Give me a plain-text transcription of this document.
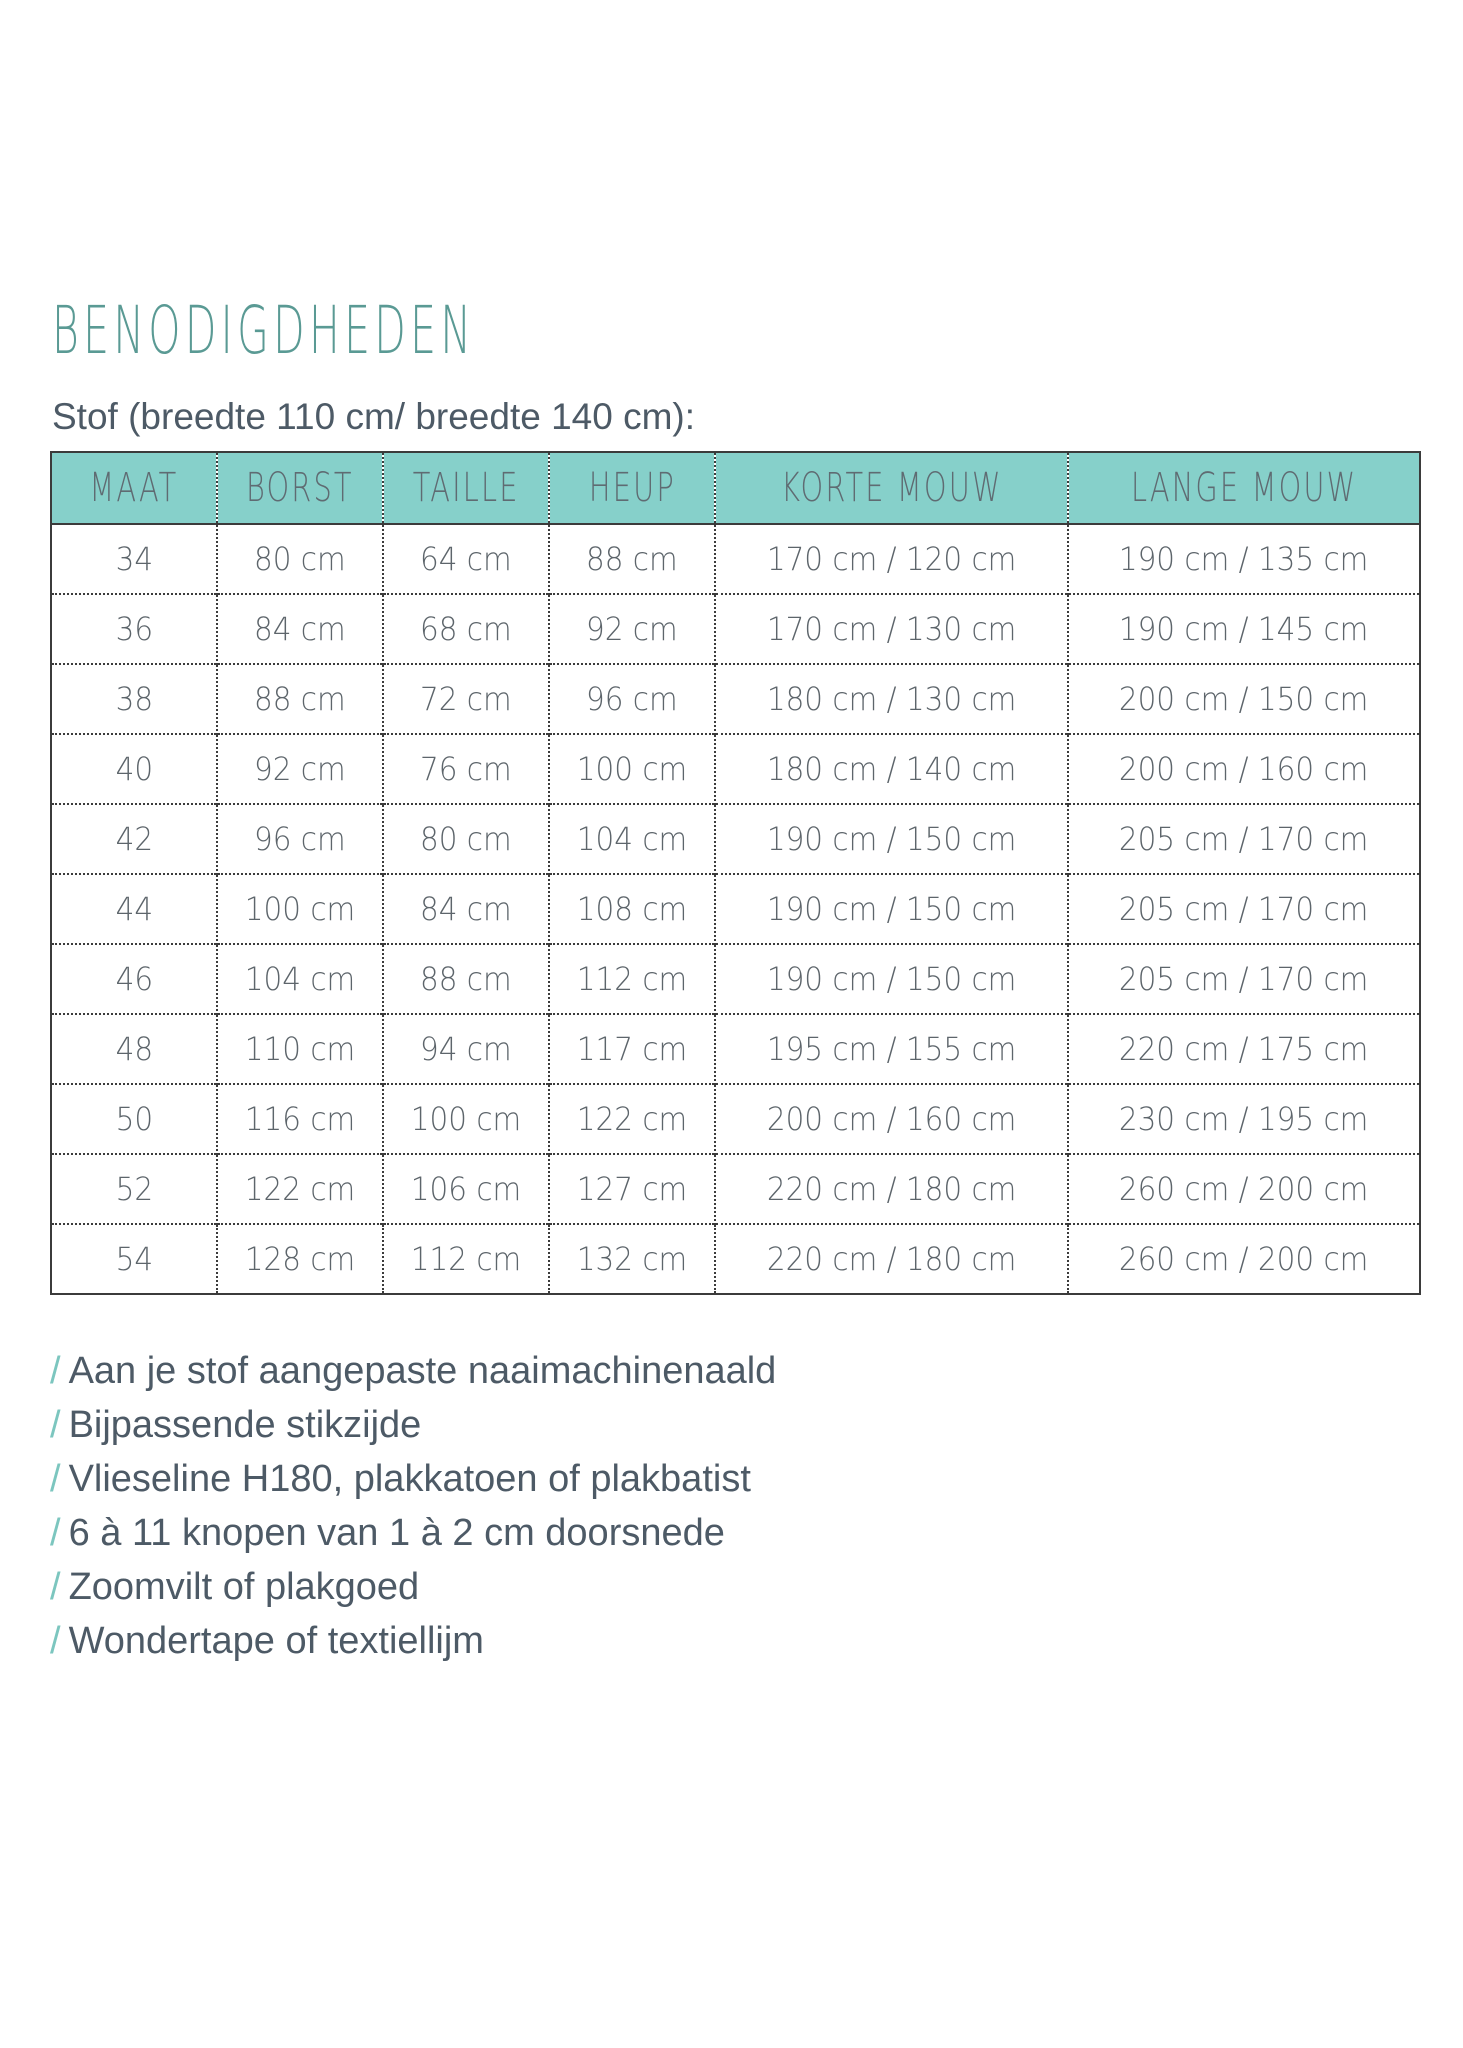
BENODIGDHEDEN
Stof (breedte 110 cm/ breedte 140 cm):
MAAT	BORST	TAILLE	HEUP	KORTE MOUW	LANGE MOUW
34	80 cm	64 cm	88 cm	170 cm / 120 cm	190 cm / 135 cm
36	84 cm	68 cm	92 cm	170 cm / 130 cm	190 cm / 145 cm
38	88 cm	72 cm	96 cm	180 cm / 130 cm	200 cm / 150 cm
40	92 cm	76 cm	100 cm	180 cm / 140 cm	200 cm / 160 cm
42	96 cm	80 cm	104 cm	190 cm / 150 cm	205 cm / 170 cm
44	100 cm	84 cm	108 cm	190 cm / 150 cm	205 cm / 170 cm
46	104 cm	88 cm	112 cm	190 cm / 150 cm	205 cm / 170 cm
48	110 cm	94 cm	117 cm	195 cm / 155 cm	220 cm / 175 cm
50	116 cm	100 cm	122 cm	200 cm / 160 cm	230 cm / 195 cm
52	122 cm	106 cm	127 cm	220 cm / 180 cm	260 cm / 200 cm
54	128 cm	112 cm	132 cm	220 cm / 180 cm	260 cm / 200 cm
/ Aan je stof aangepaste naaimachinenaald
/ Bijpassende stikzijde
/ Vlieseline H180, plakkatoen of plakbatist
/ 6 à 11 knopen van 1 à 2 cm doorsnede
/ Zoomvilt of plakgoed
/ Wondertape of textiellijm
